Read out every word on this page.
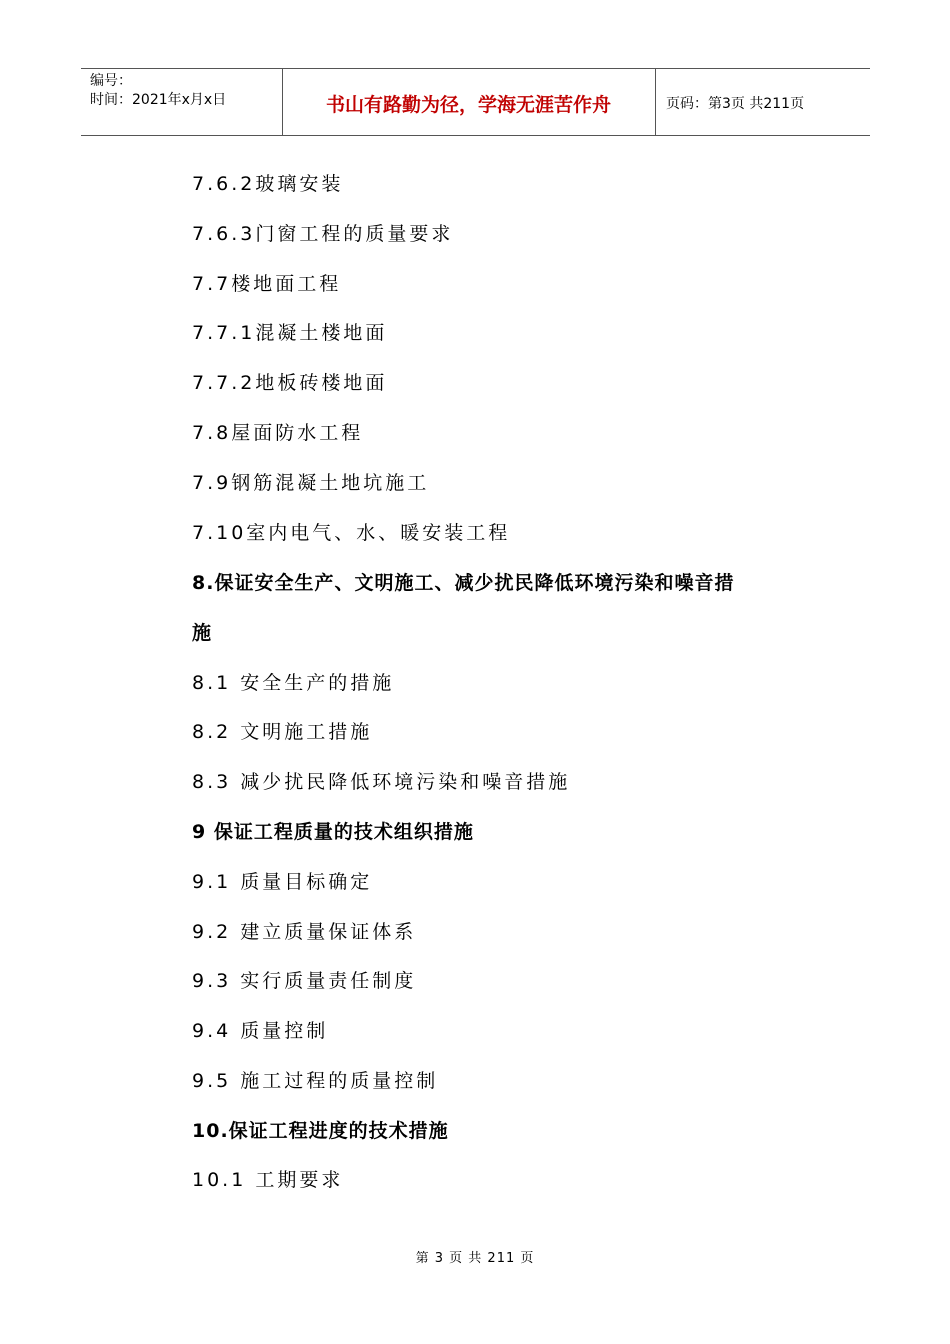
编号：
时间：2021年x月x日	书山有路勤为径，学海无涯苦作舟	页码：第3页 共211页
7.6.2玻璃安装
7.6.3门窗工程的质量要求
7.7楼地面工程
7.7.1混凝土楼地面
7.7.2地板砖楼地面
7.8屋面防水工程
7.9钢筋混凝土地坑施工
7.10室内电气、水、暖安装工程
8.保证安全生产、文明施工、减少扰民降低环境污染和噪音措
施
8.1 安全生产的措施
8.2 文明施工措施
8.3 减少扰民降低环境污染和噪音措施
9 保证工程质量的技术组织措施
9.1 质量目标确定
9.2 建立质量保证体系
9.3 实行质量责任制度
9.4 质量控制
9.5 施工过程的质量控制
10.保证工程进度的技术措施
10.1 工期要求
第 3 页 共 211 页
